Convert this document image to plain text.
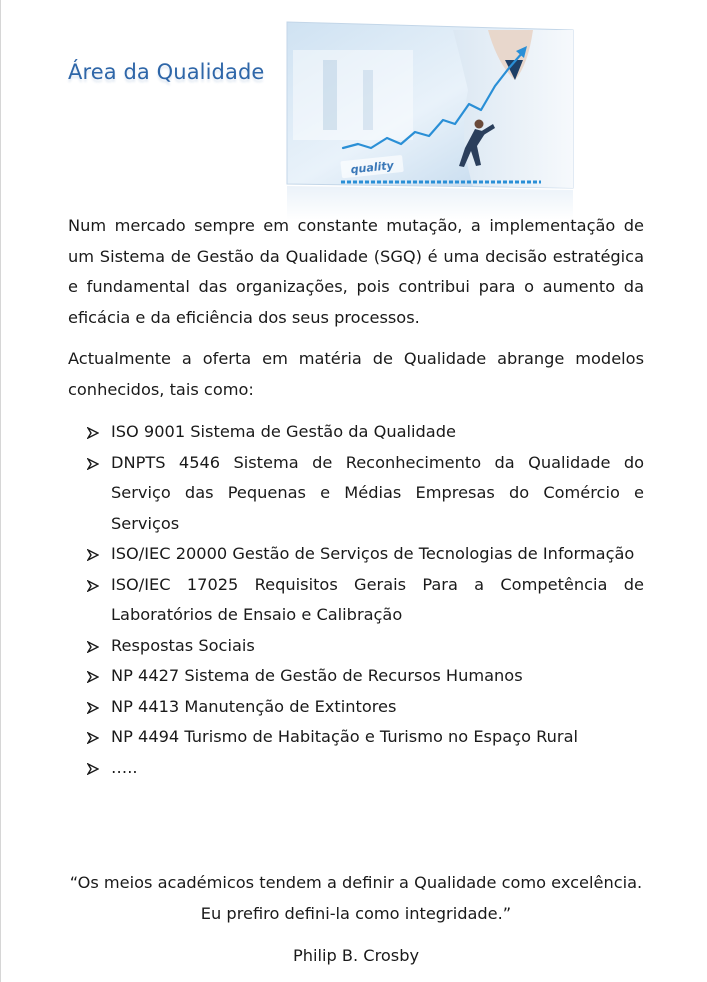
Área da Qualidade
quality

Num mercado sempre em constante mutação, a implementação de um Sistema de Gestão da Qualidade (SGQ) é uma decisão estratégica e fundamental das organizações, pois contribui para o aumento da eficácia e da eficiência dos seus processos.

Actualmente a oferta em matéria de Qualidade abrange modelos conhecidos, tais como:

ISO 9001 Sistema de Gestão da Qualidade
DNPTS 4546 Sistema de Reconhecimento da Qualidade do Serviço das Pequenas e Médias Empresas do Comércio e Serviços
ISO/IEC 20000 Gestão de Serviços de Tecnologias de Informação
ISO/IEC 17025 Requisitos Gerais Para a Competência de Laboratórios de Ensaio e Calibração
Respostas Sociais
NP 4427 Sistema de Gestão de Recursos Humanos
NP 4413 Manutenção de Extintores
NP 4494 Turismo de Habitação e Turismo no Espaço Rural
…..

“Os meios académicos tendem a definir a Qualidade como excelência. Eu prefiro defini-la como integridade.”

Philip B. Crosby
